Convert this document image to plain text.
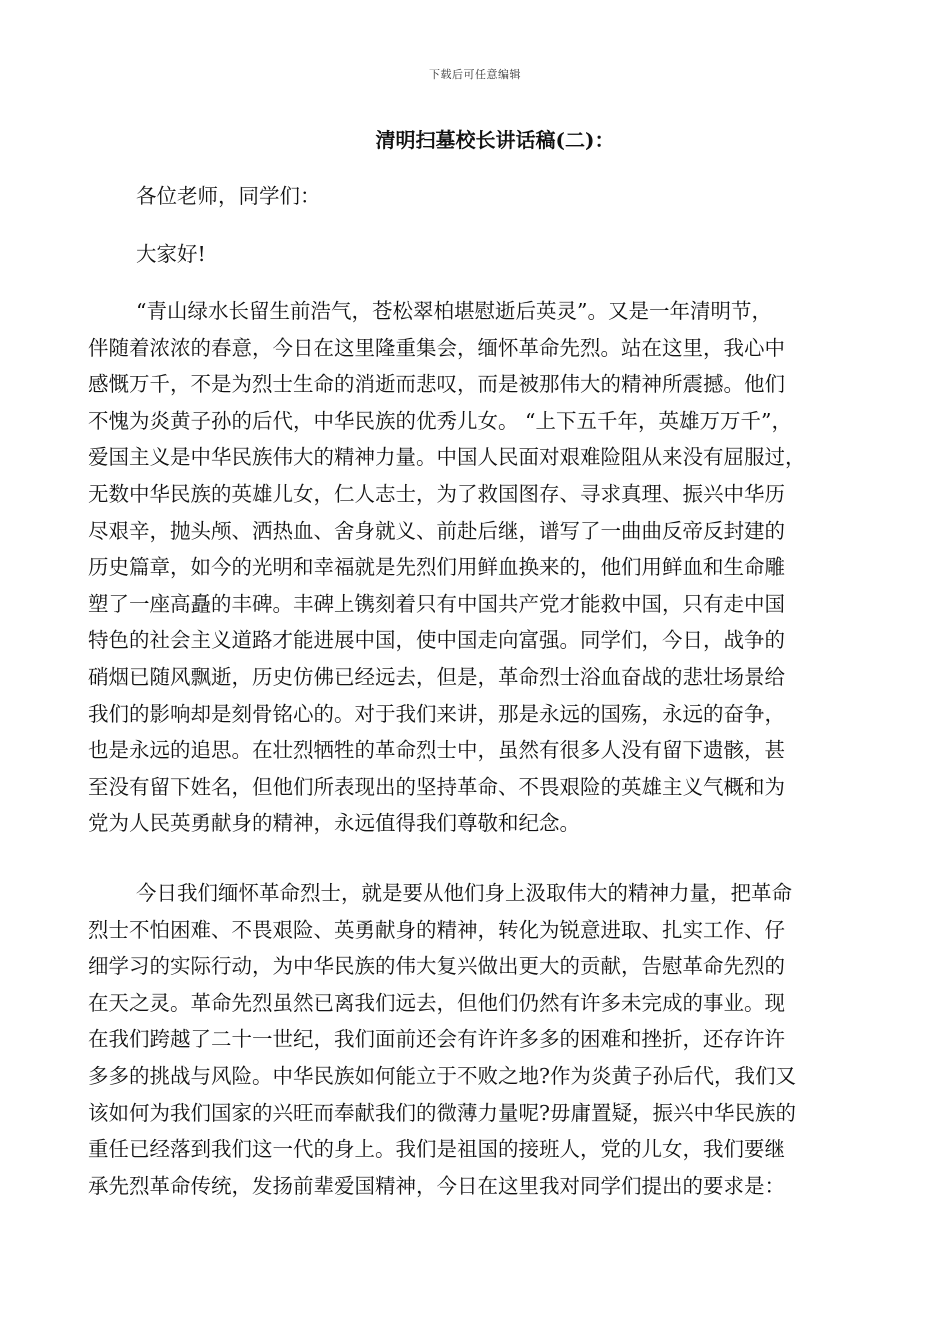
下载后可任意编辑
清明扫墓校长讲话稿(二)：
各位老师，同学们：
大家好!
“青山绿水长留生前浩气，苍松翠柏堪慰逝后英灵”。又是一年清明节，
伴随着浓浓的春意，今日在这里隆重集会，缅怀革命先烈。站在这里，我心中
感慨万千，不是为烈士生命的消逝而悲叹，而是被那伟大的精神所震撼。他们
不愧为炎黄子孙的后代，中华民族的优秀儿女。 “上下五千年，英雄万万千”，
爱国主义是中华民族伟大的精神力量。中国人民面对艰难险阻从来没有屈服过，
无数中华民族的英雄儿女，仁人志士，为了救国图存、寻求真理、振兴中华历
尽艰辛，抛头颅、洒热血、舍身就义、前赴后继，谱写了一曲曲反帝反封建的
历史篇章，如今的光明和幸福就是先烈们用鲜血换来的，他们用鲜血和生命雕
塑了一座高矗的丰碑。丰碑上镌刻着只有中国共产党才能救中国，只有走中国
特色的社会主义道路才能进展中国，使中国走向富强。同学们，今日，战争的
硝烟已随风飘逝，历史仿佛已经远去，但是，革命烈士浴血奋战的悲壮场景给
我们的影响却是刻骨铭心的。对于我们来讲，那是永远的国殇，永远的奋争，
也是永远的追思。在壮烈牺牲的革命烈士中，虽然有很多人没有留下遗骸，甚
至没有留下姓名，但他们所表现出的坚持革命、不畏艰险的英雄主义气概和为
党为人民英勇献身的精神，永远值得我们尊敬和纪念。
今日我们缅怀革命烈士，就是要从他们身上汲取伟大的精神力量，把革命
烈士不怕困难、不畏艰险、英勇献身的精神，转化为锐意进取、扎实工作、仔
细学习的实际行动，为中华民族的伟大复兴做出更大的贡献，告慰革命先烈的
在天之灵。革命先烈虽然已离我们远去，但他们仍然有许多未完成的事业。现
在我们跨越了二十一世纪，我们面前还会有许许多多的困难和挫折，还存许许
多多的挑战与风险。中华民族如何能立于不败之地?作为炎黄子孙后代，我们又
该如何为我们国家的兴旺而奉献我们的微薄力量呢?毋庸置疑，振兴中华民族的
重任已经落到我们这一代的身上。我们是祖国的接班人，党的儿女，我们要继
承先烈革命传统，发扬前辈爱国精神，今日在这里我对同学们提出的要求是：
